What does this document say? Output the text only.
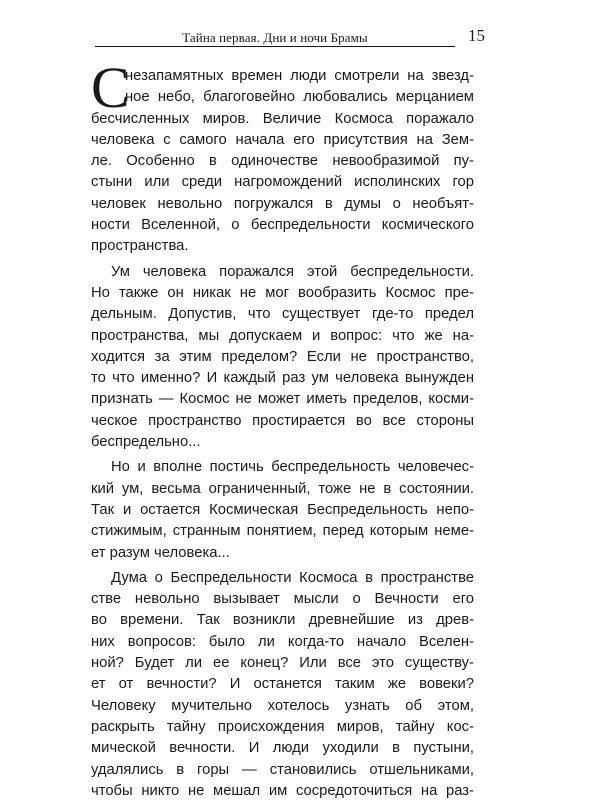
Тайна первая. Дни и ночи Брамы	15
С
незапамятных времен люди смотрели на звезд-
ное небо, благоговейно любовались мерцанием
бесчисленных миров. Величие Космоса поражало
человека с самого начала его присутствия на Зем-
ле. Особенно в одиночестве невообразимой пу-
стыни или среди нагромождений исполинских гор
человек невольно погружался в думы о необъят-
ности Вселенной, о беспредельности космического
пространства.
Ум человека поражался этой беспредельности.
Но также он никак не мог вообразить Космос пре-
дельным. Допустив, что существует где-то предел
пространства, мы допускаем и вопрос: что же на-
ходится за этим пределом? Если не пространство,
то что именно? И каждый раз ум человека вынужден
признать — Космос не может иметь пределов, косми-
ческое пространство простирается во все стороны
беспредельно...
Но и вполне постичь беспредельность человечес-
кий ум, весьма ограниченный, тоже не в состоянии.
Так и остается Космическая Беспредельность непо-
стижимым, странным понятием, перед которым неме-
ет разум человека...
Дума о Беспредельности Космоса в пространстве
стве невольно вызывает мысли о Вечности его
во времени. Так возникли древнейшие из древ-
них вопросов: было ли когда-то начало Вселен-
ной? Будет ли ее конец? Или все это существу-
ет от вечности? И останется таким же вовеки?
Человеку мучительно хотелось узнать об этом,
раскрыть тайну происхождения миров, тайну кос-
мической вечности. И люди уходили в пустыни,
удалялись в горы — становились отшельниками,
чтобы никто не мешал им сосредоточиться на раз-
